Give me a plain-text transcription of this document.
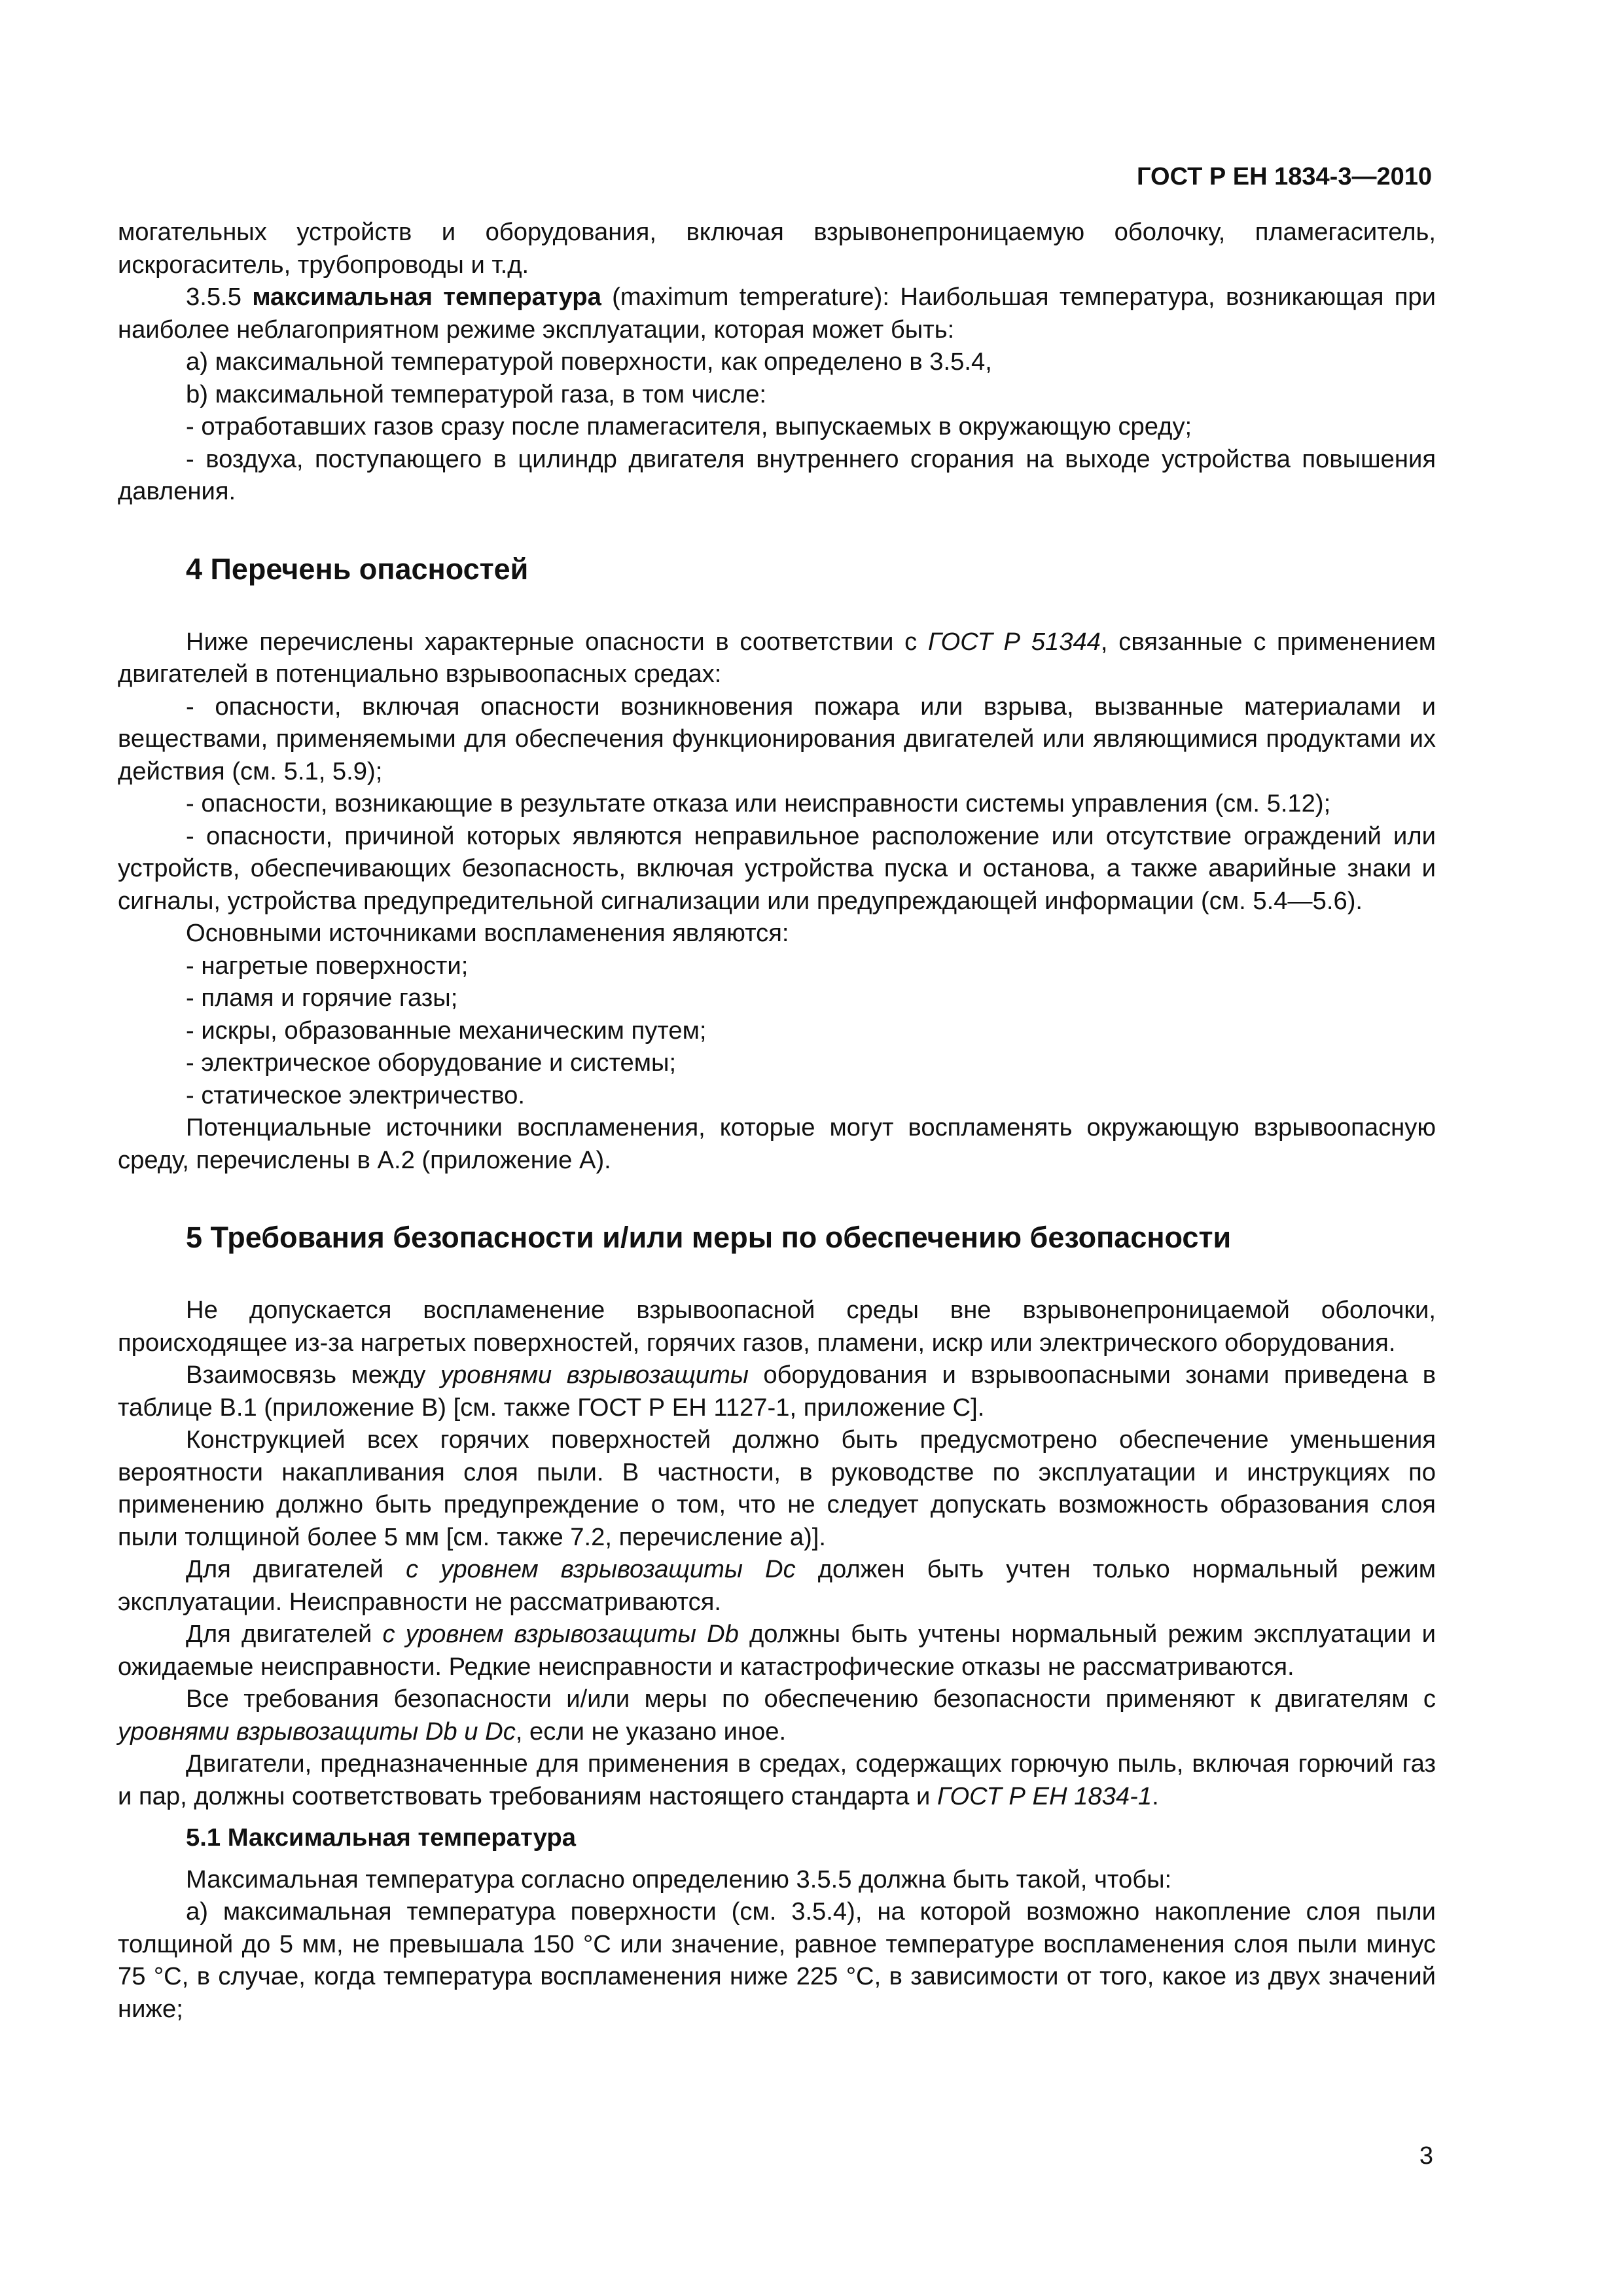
ГОСТ Р ЕН 1834-3—2010

могательных устройств и оборудования, включая взрывонепроницаемую оболочку, пламегаситель, искрогаситель, трубопроводы и т.д.

3.5.5 максимальная температура (maximum temperature): Наибольшая температура, возникающая при наиболее неблагоприятном режиме эксплуатации, которая может быть:

a) максимальной температурой поверхности, как определено в 3.5.4,

b) максимальной температурой газа, в том числе:

- отработавших газов сразу после пламегасителя, выпускаемых в окружающую среду;

- воздуха, поступающего в цилиндр двигателя внутреннего сгорания на выходе устройства повышения давления.

4 Перечень опасностей

Ниже перечислены характерные опасности в соответствии с ГОСТ Р 51344, связанные с применением двигателей в потенциально взрывоопасных средах:

- опасности, включая опасности возникновения пожара или взрыва, вызванные материалами и веществами, применяемыми для обеспечения функционирования двигателей или являющимися продуктами их действия (см. 5.1, 5.9);

- опасности, возникающие в результате отказа или неисправности системы управления (см. 5.12);

- опасности, причиной которых являются неправильное расположение или отсутствие ограждений или устройств, обеспечивающих безопасность, включая устройства пуска и останова, а также аварийные знаки и сигналы, устройства предупредительной сигнализации или предупреждающей информации (см. 5.4—5.6).

Основными источниками воспламенения являются:

- нагретые поверхности;

- пламя и горячие газы;

- искры, образованные механическим путем;

- электрическое оборудование и системы;

- статическое электричество.

Потенциальные источники воспламенения, которые могут воспламенять окружающую взрывоопасную среду, перечислены в А.2 (приложение А).

5 Требования безопасности и/или меры по обеспечению безопасности

Не допускается воспламенение взрывоопасной среды вне взрывонепроницаемой оболочки, происходящее из-за нагретых поверхностей, горячих газов, пламени, искр или электрического оборудования.

Взаимосвязь между уровнями взрывозащиты оборудования и взрывоопасными зонами приведена в таблице В.1 (приложение В) [см. также ГОСТ Р ЕН 1127-1, приложение С].

Конструкцией всех горячих поверхностей должно быть предусмотрено обеспечение уменьшения вероятности накапливания слоя пыли. В частности, в руководстве по эксплуатации и инструкциях по применению должно быть предупреждение о том, что не следует допускать возможность образования слоя пыли толщиной более 5 мм [см. также 7.2, перечисление а)].

Для двигателей с уровнем взрывозащиты Dc должен быть учтен только нормальный режим эксплуатации. Неисправности не рассматриваются.

Для двигателей с уровнем взрывозащиты Db должны быть учтены нормальный режим эксплуатации и ожидаемые неисправности. Редкие неисправности и катастрофические отказы не рассматриваются.

Все требования безопасности и/или меры по обеспечению безопасности применяют к двигателям с уровнями взрывозащиты Db и Dc, если не указано иное.

Двигатели, предназначенные для применения в средах, содержащих горючую пыль, включая горючий газ и пар, должны соответствовать требованиям настоящего стандарта и ГОСТ Р ЕН 1834-1.

5.1 Максимальная температура

Максимальная температура согласно определению 3.5.5 должна быть такой, чтобы:

а) максимальная температура поверхности (см. 3.5.4), на которой возможно накопление слоя пыли толщиной до 5 мм, не превышала 150 °C или значение, равное температуре воспламенения слоя пыли минус 75 °C, в случае, когда температура воспламенения ниже 225 °C, в зависимости от того, какое из двух значений ниже;

3
